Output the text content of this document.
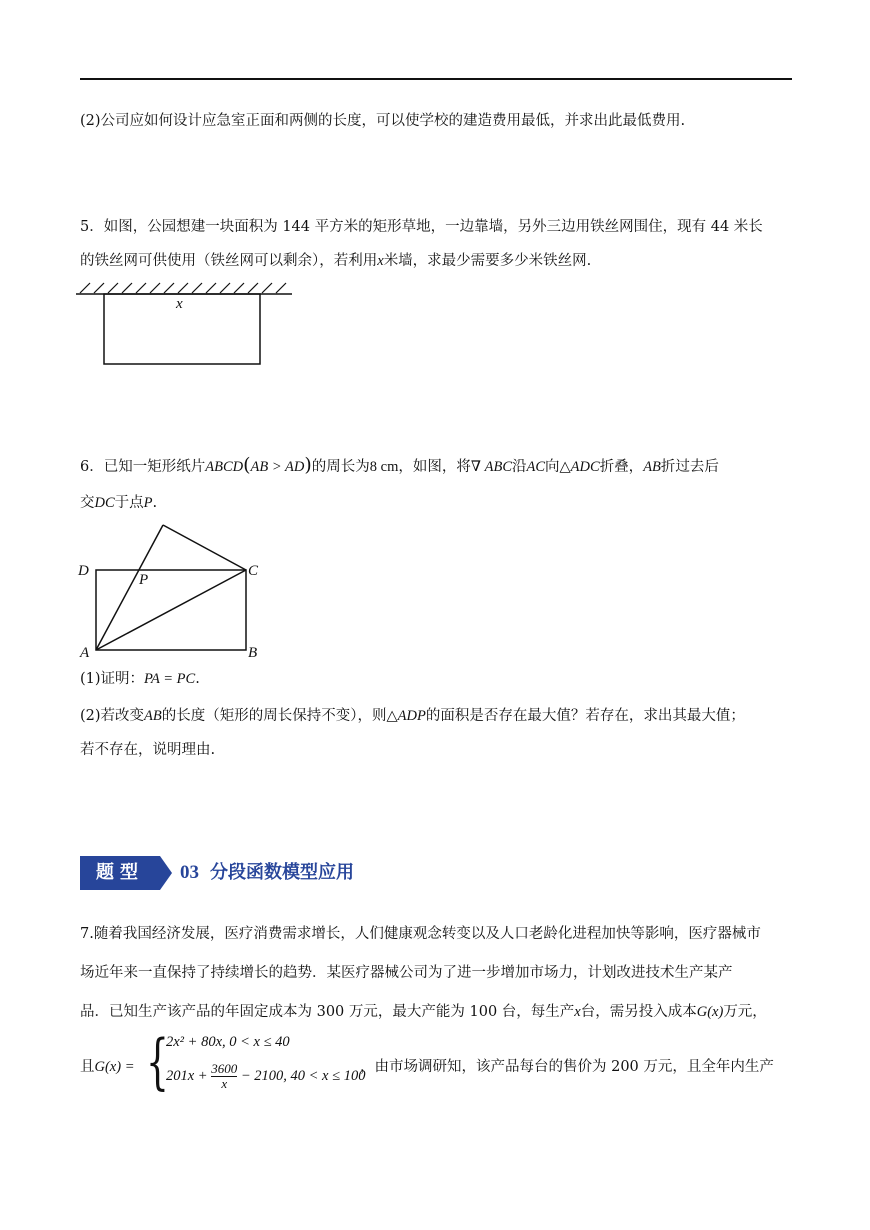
(2)公司应如何设计应急室正面和两侧的长度，可以使学校的建造费用最低，并求出此最低费用.
5．如图，公园想建一块面积为 144 平方米的矩形草地，一边靠墙，另外三边用铁丝网围住，现有 44 米长
的铁丝网可供使用（铁丝网可以剩余），若利用x米墙，求最少需要多少米铁丝网.
x
6．已知一矩形纸片ABCD(AB > AD)的周长为8 cm，如图，将∇ ABC沿AC向△ADC折叠，AB折过去后
交DC于点P.
D	C
P
A	B
(1)证明：PA = PC.
(2)若改变AB的长度（矩形的周长保持不变），则△ADP的面积是否存在最大值？若存在，求出其最大值；
若不存在，说明理由.
题型	03 分段函数模型应用
7.随着我国经济发展，医疗消费需求增长，人们健康观念转变以及人口老龄化进程加快等影响，医疗器械市
场近年来一直保持了持续增长的趋势．某医疗器械公司为了进一步增加市场力，计划改进技术生产某产
品．已知生产该产品的年固定成本为 300 万元，最大产能为 100 台，每生产x台，需另投入成本G(x)万元，
且G(x) = {
2x² + 80x, 0 < x ≤ 40
$201x + \frac{3600}{x} - 2100$, 40 < x ≤ 100
，由市场调研知，该产品每台的售价为 200 万元，且全年内生产
